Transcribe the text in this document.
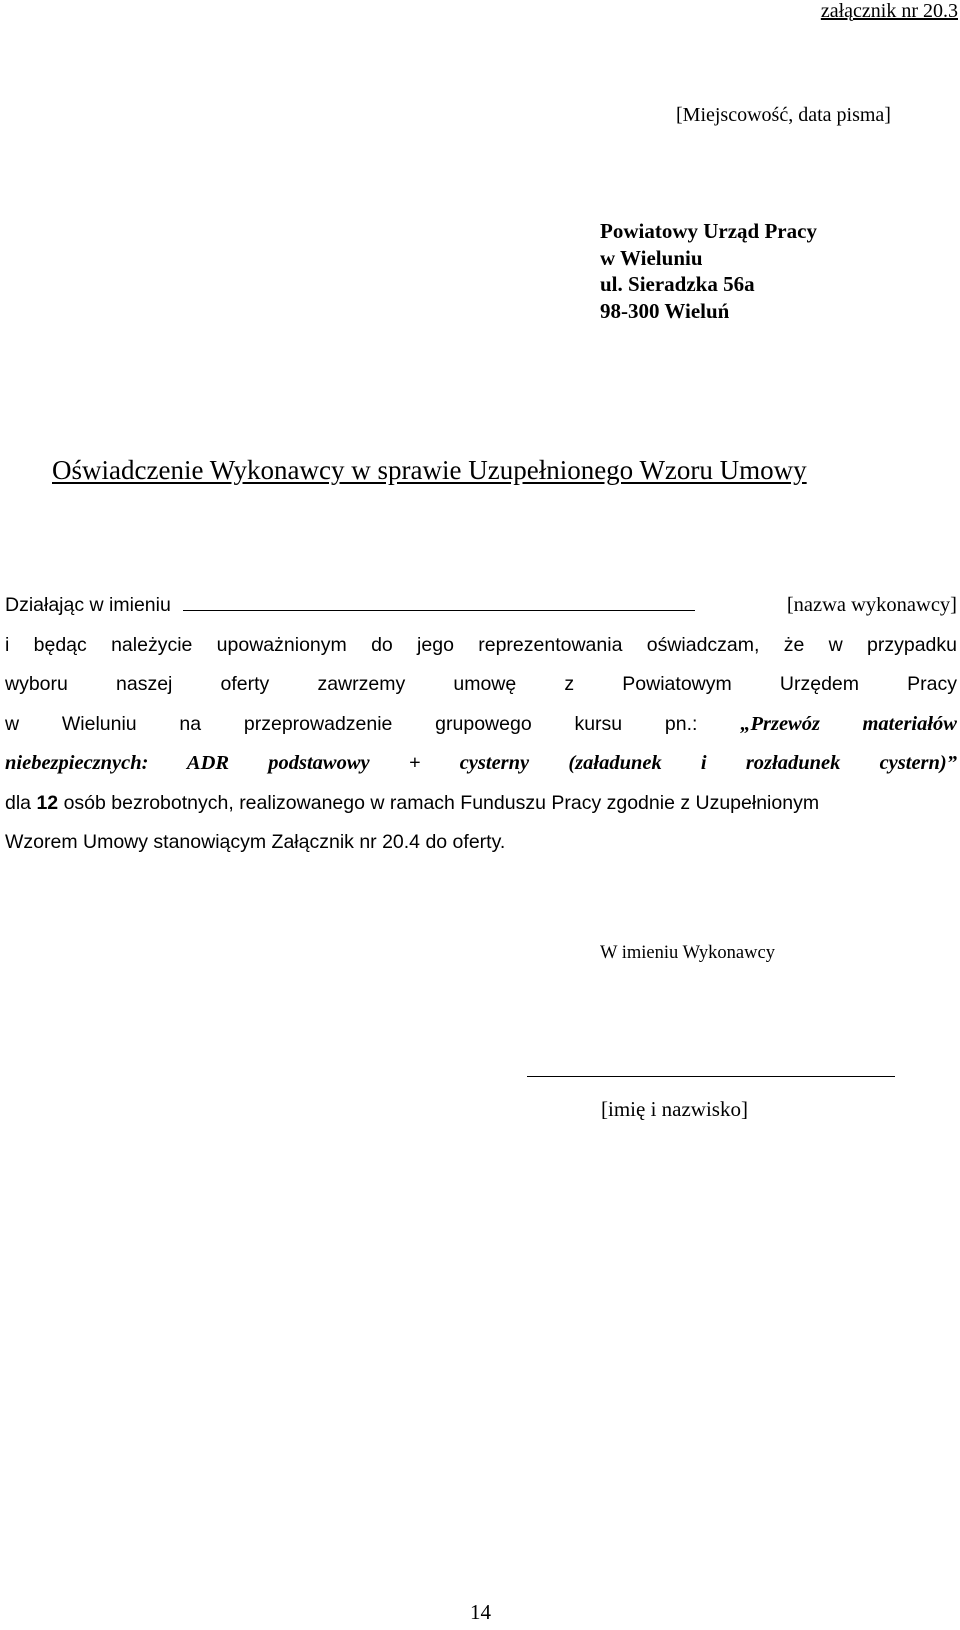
załącznik nr 20.3
[Miejscowość, data pisma]
Powiatowy Urząd Pracy
w Wieluniu
ul. Sieradzka 56a
98-300 Wieluń
Oświadczenie Wykonawcy w sprawie Uzupełnionego Wzoru Umowy
Działając w imieniu	[nazwa wykonawcy]
i będąc należycie upoważnionym do jego reprezentowania oświadczam, że w przypadku
wyboru naszej oferty zawrzemy umowę z Powiatowym Urzędem Pracy
w Wieluniu na przeprowadzenie grupowego kursu pn.: „Przewóz materiałów
niebezpiecznych: ADR podstawowy + cysterny (załadunek i rozładunek cystern)”
dla 12 osób bezrobotnych, realizowanego w ramach Funduszu Pracy zgodnie z Uzupełnionym
Wzorem Umowy stanowiącym Załącznik nr 20.4 do oferty.
W imieniu Wykonawcy
[imię i nazwisko]
14
